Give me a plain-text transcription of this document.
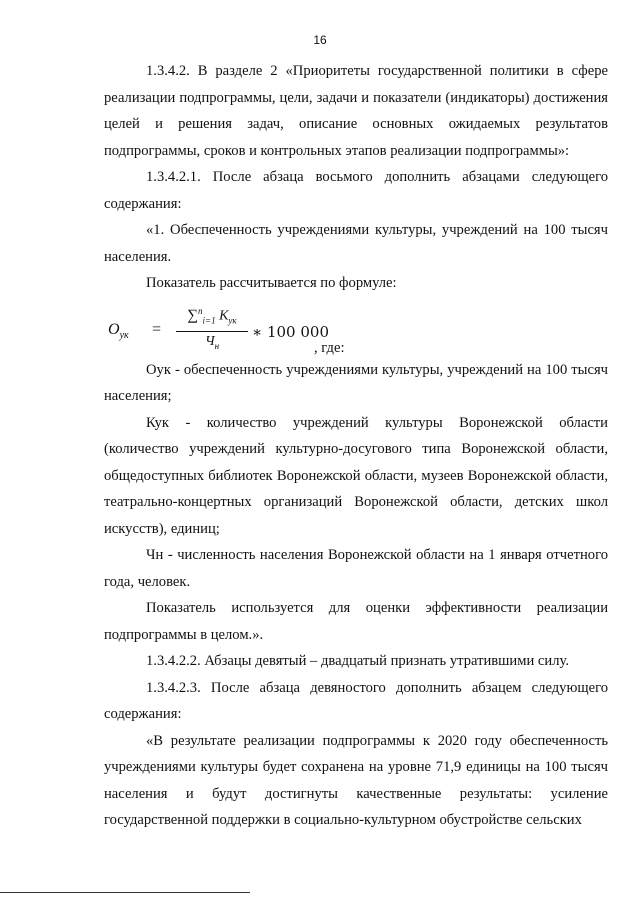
16

1.3.4.2. В разделе 2 «Приоритеты государственной политики в сфере реализации подпрограммы, цели, задачи и показатели (индикаторы) достижения целей и решения задач, описание основных ожидаемых результатов подпрограммы, сроков и контрольных этапов реализации подпрограммы»:

1.3.4.2.1. После абзаца восьмого дополнить абзацами следующего содержания:

«1. Обеспеченность учреждениями культуры, учреждений на 100 тысяч населения.

Показатель рассчитывается по формуле:

$О_{ук}$ =
∑$^n_{i=1}$ $К_{ук}$
$Ч_н$
∗ 100 000
, где:

Оук - обеспеченность учреждениями культуры, учреждений на 100 тысяч населения;

Кук - количество учреждений культуры Воронежской области (количество учреждений культурно-досугового типа Воронежской области, общедоступных библиотек Воронежской области, музеев Воронежской области, театрально-концертных организаций Воронежской области, детских школ искусств), единиц;

Чн - численность населения Воронежской области на 1 января отчетного года, человек.

Показатель используется для оценки эффективности реализации подпрограммы в целом.».

1.3.4.2.2. Абзацы девятый – двадцатый признать утратившими силу.

1.3.4.2.3. После абзаца девяностого дополнить абзацем следующего содержания:

«В результате реализации подпрограммы к 2020 году обеспеченность учреждениями культуры будет сохранена на уровне 71,9 единицы на 100 тысяч населения и будут достигнуты качественные результаты: усиление государственной поддержки в социально-культурном обустройстве сельских
